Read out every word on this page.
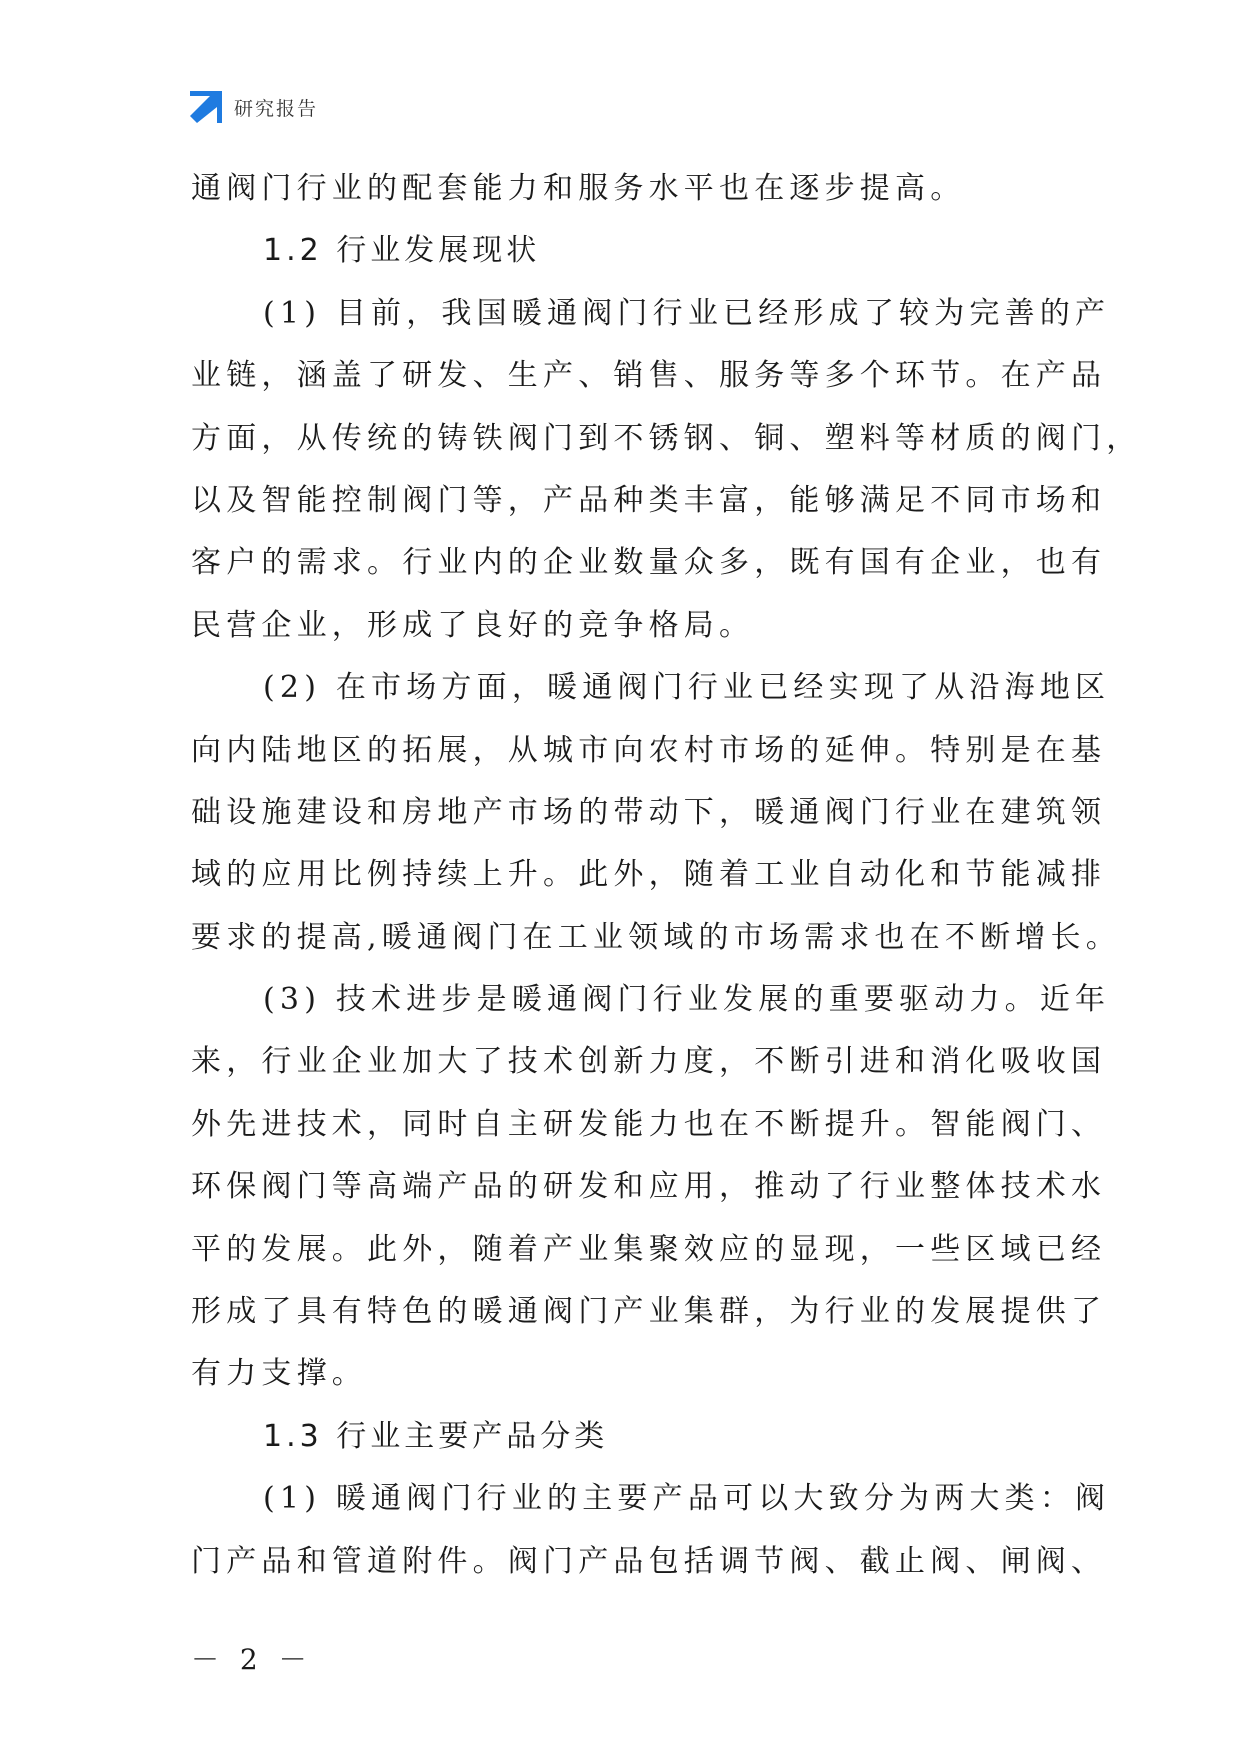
研究报告
通阀门行业的配套能力和服务水平也在逐步提高。
1.2 行业发展现状
(1) 目前，我国暖通阀门行业已经形成了较为完善的产
业链，涵盖了研发、生产、销售、服务等多个环节。在产品
方面，从传统的铸铁阀门到不锈钢、铜、塑料等材质的阀门，
以及智能控制阀门等，产品种类丰富，能够满足不同市场和
客户的需求。行业内的企业数量众多，既有国有企业，也有
民营企业，形成了良好的竞争格局。
(2) 在市场方面，暖通阀门行业已经实现了从沿海地区
向内陆地区的拓展，从城市向农村市场的延伸。特别是在基
础设施建设和房地产市场的带动下，暖通阀门行业在建筑领
域的应用比例持续上升。此外，随着工业自动化和节能减排
要求的提高,暖通阀门在工业领域的市场需求也在不断增长。
(3) 技术进步是暖通阀门行业发展的重要驱动力。近年
来，行业企业加大了技术创新力度，不断引进和消化吸收国
外先进技术，同时自主研发能力也在不断提升。智能阀门、
环保阀门等高端产品的研发和应用，推动了行业整体技术水
平的发展。此外，随着产业集聚效应的显现，一些区域已经
形成了具有特色的暖通阀门产业集群，为行业的发展提供了
有力支撑。
1.3 行业主要产品分类
(1) 暖通阀门行业的主要产品可以大致分为两大类：阀
门产品和管道附件。阀门产品包括调节阀、截止阀、闸阀、
－ 2 －
